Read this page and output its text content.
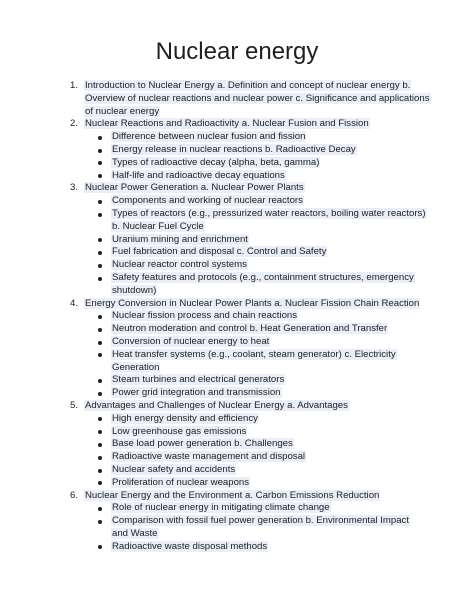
Nuclear energy
1. Introduction to Nuclear Energy a. Definition and concept of nuclear energy b.
Overview of nuclear reactions and nuclear power c. Significance and applications
of nuclear energy
2. Nuclear Reactions and Radioactivity a. Nuclear Fusion and Fission
Difference between nuclear fusion and fission
Energy release in nuclear reactions b. Radioactive Decay
Types of radioactive decay (alpha, beta, gamma)
Half-life and radioactive decay equations
3. Nuclear Power Generation a. Nuclear Power Plants
Components and working of nuclear reactors
Types of reactors (e.g., pressurized water reactors, boiling water reactors)
b. Nuclear Fuel Cycle
Uranium mining and enrichment
Fuel fabrication and disposal c. Control and Safety
Nuclear reactor control systems
Safety features and protocols (e.g., containment structures, emergency
shutdown)
4. Energy Conversion in Nuclear Power Plants a. Nuclear Fission Chain Reaction
Nuclear fission process and chain reactions
Neutron moderation and control b. Heat Generation and Transfer
Conversion of nuclear energy to heat
Heat transfer systems (e.g., coolant, steam generator) c. Electricity
Generation
Steam turbines and electrical generators
Power grid integration and transmission
5. Advantages and Challenges of Nuclear Energy a. Advantages
High energy density and efficiency
Low greenhouse gas emissions
Base load power generation b. Challenges
Radioactive waste management and disposal
Nuclear safety and accidents
Proliferation of nuclear weapons
6. Nuclear Energy and the Environment a. Carbon Emissions Reduction
Role of nuclear energy in mitigating climate change
Comparison with fossil fuel power generation b. Environmental Impact
and Waste
Radioactive waste disposal methods
